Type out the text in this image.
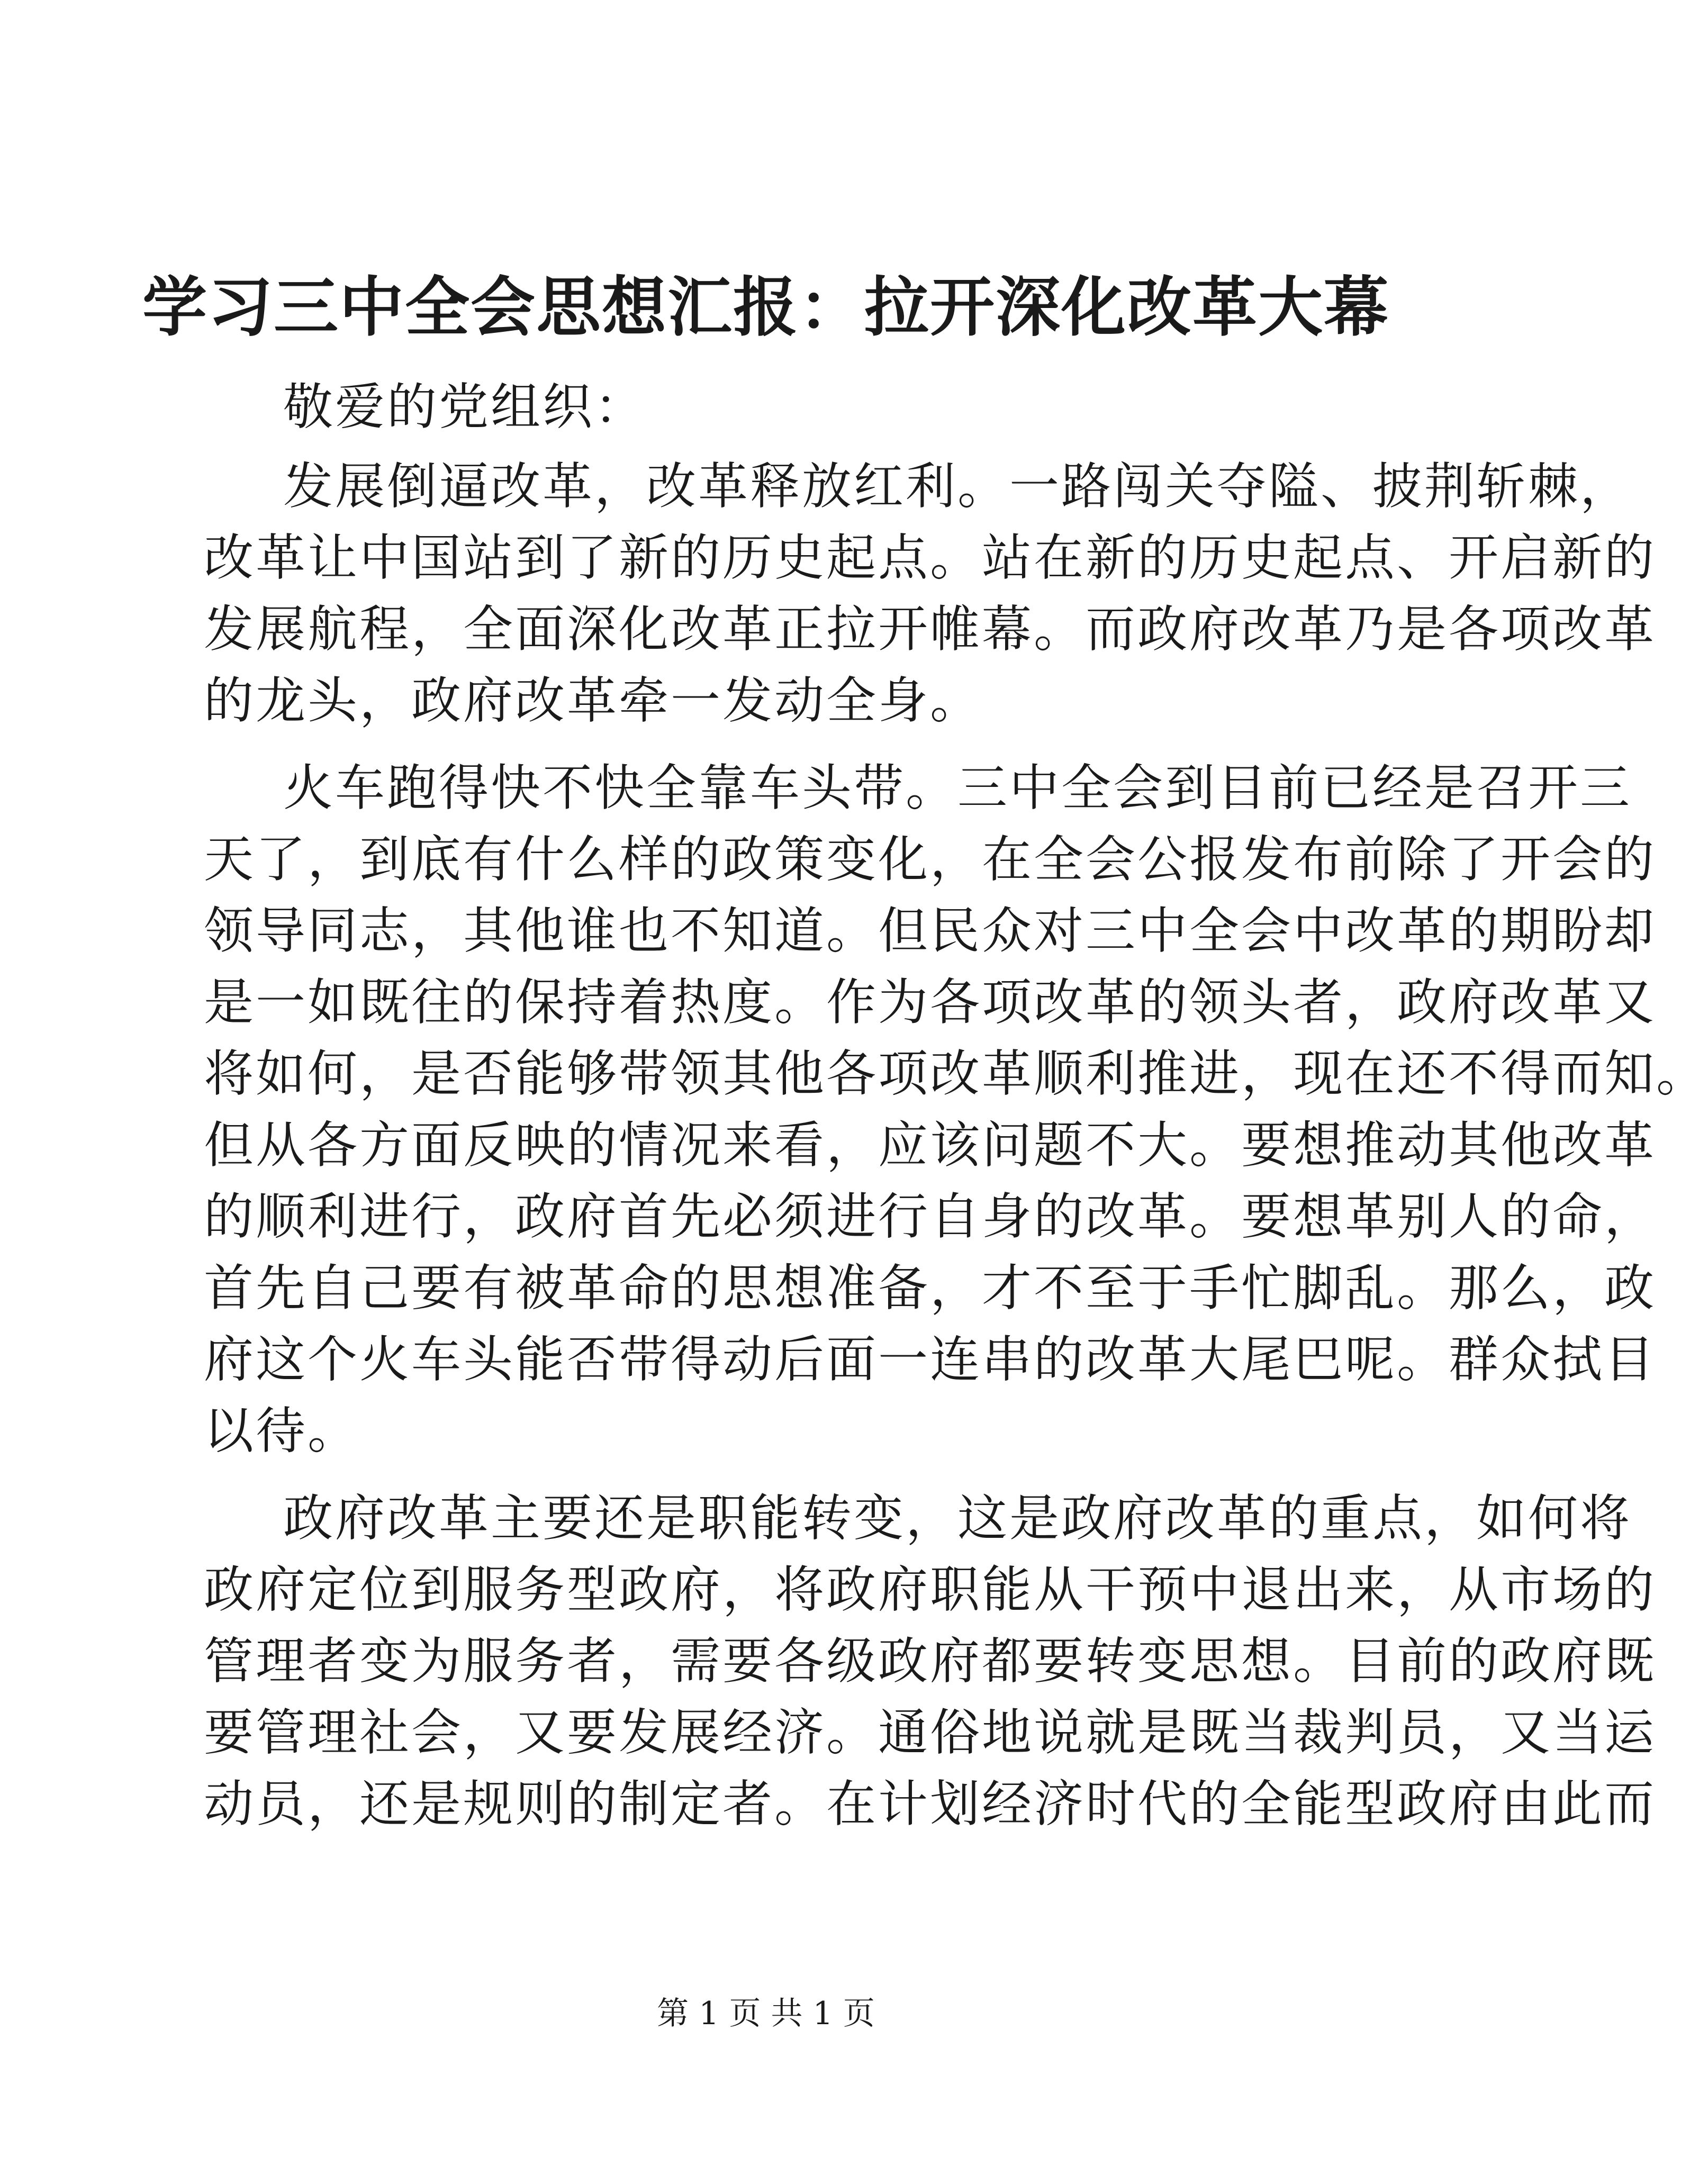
学习三中全会思想汇报：拉开深化改革大幕
敬爱的党组织：
发展倒逼改革，改革释放红利。一路闯关夺隘、披荆斩棘，
改革让中国站到了新的历史起点。站在新的历史起点、开启新的
发展航程，全面深化改革正拉开帷幕。而政府改革乃是各项改革
的龙头，政府改革牵一发动全身。
火车跑得快不快全靠车头带。三中全会到目前已经是召开三
天了，到底有什么样的政策变化，在全会公报发布前除了开会的
领导同志，其他谁也不知道。但民众对三中全会中改革的期盼却
是一如既往的保持着热度。作为各项改革的领头者，政府改革又
将如何，是否能够带领其他各项改革顺利推进，现在还不得而知。
但从各方面反映的情况来看，应该问题不大。要想推动其他改革
的顺利进行，政府首先必须进行自身的改革。要想革别人的命，
首先自己要有被革命的思想准备，才不至于手忙脚乱。那么，政
府这个火车头能否带得动后面一连串的改革大尾巴呢。群众拭目
以待。
政府改革主要还是职能转变，这是政府改革的重点，如何将
政府定位到服务型政府，将政府职能从干预中退出来，从市场的
管理者变为服务者，需要各级政府都要转变思想。目前的政府既
要管理社会，又要发展经济。通俗地说就是既当裁判员，又当运
动员，还是规则的制定者。在计划经济时代的全能型政府由此而
第 1 页 共 1 页
